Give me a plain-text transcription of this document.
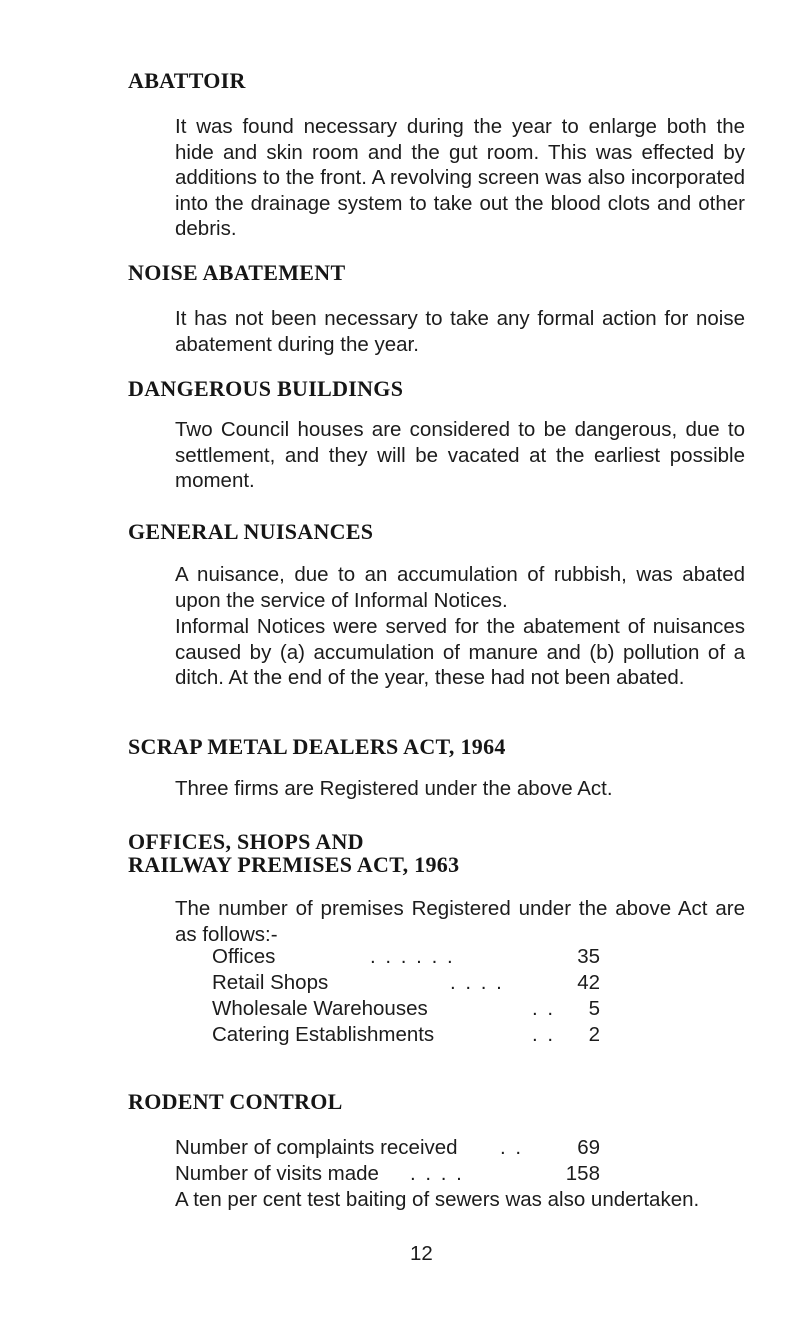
ABATTOIR

It was found necessary during the year to enlarge both the hide and skin room and the gut room. This was effected by additions to the front. A revolving screen was also incorporated into the drainage system to take out the blood clots and other debris.

NOISE ABATEMENT

It has not been necessary to take any formal action for noise abatement during the year.

DANGEROUS BUILDINGS

Two Council houses are considered to be dangerous, due to settlement, and they will be vacated at the earliest possible moment.

GENERAL NUISANCES

A nuisance, due to an accumulation of rubbish, was abated upon the service of Informal Notices.

Informal Notices were served for the abatement of nuisances caused by (a) accumulation of manure and (b) pollution of a ditch. At the end of the year, these had not been abated.

SCRAP METAL DEALERS ACT, 1964

Three firms are Registered under the above Act.

OFFICES, SHOPS AND
RAILWAY PREMISES ACT, 1963

The number of premises Registered under the above Act are as follows:-

Offices	. . . . . .	35
Retail Shops	. . . .	42
Wholesale Warehouses	. . 5
Catering Establishments	. . 2
RODENT CONTROL
Number of complaints received . .	69
Number of visits made . . . .	158

A ten per cent test baiting of sewers was also undertaken.

12
